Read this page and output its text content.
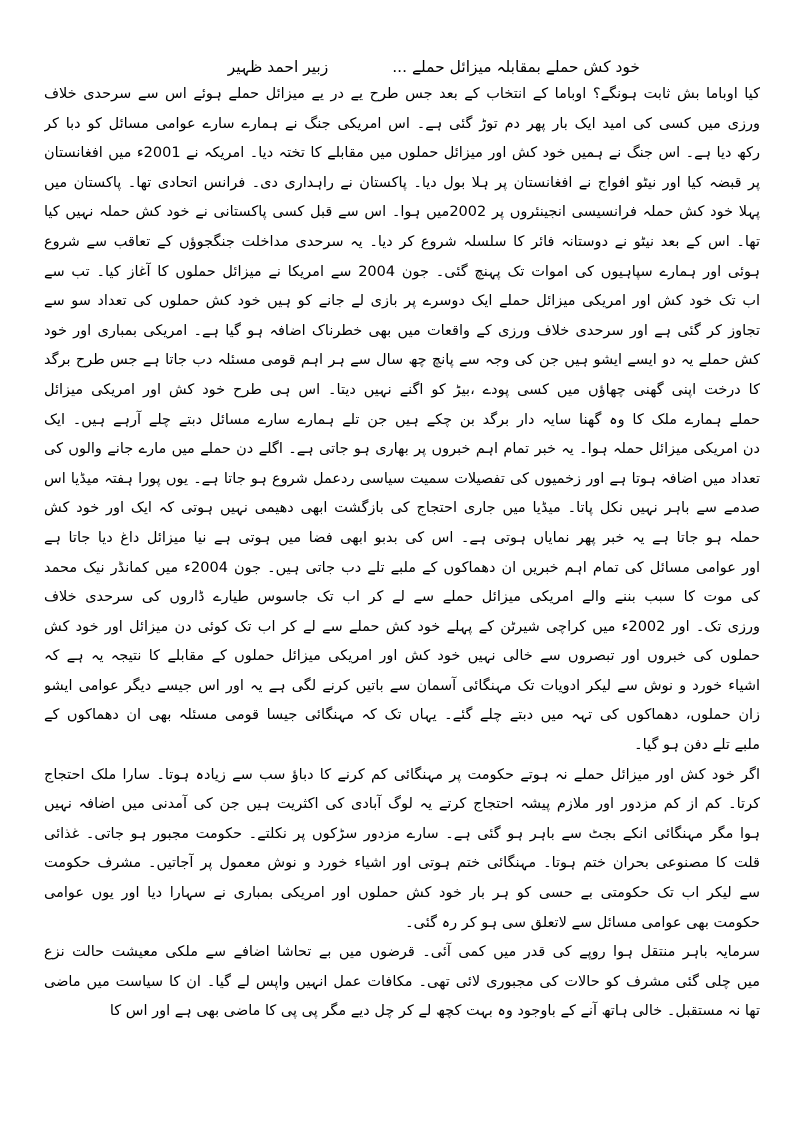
خود کش حملے بمقابلہ میزائل حملے ...
زبیر احمد ظہیر

کیا اوباما بش ثابت ہونگے؟ اوباما کے انتخاب کے بعد جس طرح یے در یے میزائل حملے ہوئے اس سے سرحدی خلاف
ورزی میں کسی کی امید ایک بار پھر دم توڑ گئی ہے۔ اس امریکی جنگ نے ہمارے سارے عوامی مسائل کو دبا کر
رکھ دیا ہے۔ اس جنگ نے ہمیں خود کش اور میزائل حملوں میں مقابلے کا تختہ دیا۔ امریکہ نے 2001ء میں افغانستان
پر قبضہ کیا اور نیٹو افواج نے افغانستان پر ہلا بول دیا۔ پاکستان نے راہداری دی۔ فرانس اتحادی تھا۔ پاکستان میں
پہلا خود کش حملہ فرانسیسی انجینئروں پر 2002میں ہوا۔ اس سے قبل کسی پاکستانی نے خود کش حملہ نہیں کیا
تھا۔ اس کے بعد نیٹو نے دوستانہ فائر کا سلسلہ شروع کر دیا۔ یہ سرحدی مداخلت جنگجوؤں کے تعاقب سے شروع
ہوئی اور ہمارے سپاہیوں کی اموات تک پہنچ گئی۔ جون 2004 سے امریکا نے میزائل حملوں کا آغاز کیا۔ تب سے
اب تک خود کش اور امریکی میزائل حملے ایک دوسرے پر بازی لے جانے کو ہیں خود کش حملوں کی تعداد سو سے
تجاوز کر گئی ہے اور سرحدی خلاف ورزی کے واقعات میں بھی خطرناک اضافہ ہو گیا ہے۔ امریکی بمباری اور خود
کش حملے یہ دو ایسے ایشو ہیں جن کی وجہ سے پانچ چھ سال سے ہر اہم قومی مسئلہ دب جاتا ہے جس طرح برگد
کا درخت اپنی گھنی چھاؤں میں کسی پودے ،بیڑ کو اگنے نہیں دیتا۔ اس ہی طرح خود کش اور امریکی میزائل
حملے ہمارے ملک کا وہ گھنا سایہ دار برگد بن چکے ہیں جن تلے ہمارے سارے مسائل دبتے چلے آرہے ہیں۔ ایک
دن امریکی میزائل حملہ ہوا۔ یہ خبر تمام اہم خبروں پر بھاری ہو جاتی ہے۔ اگلے دن حملے میں مارے جانے والوں کی
تعداد میں اضافہ ہوتا ہے اور زخمیوں کی تفصیلات سمیت سیاسی ردعمل شروع ہو جاتا ہے۔ یوں پورا ہفتہ میڈیا اس
صدمے سے باہر نہیں نکل پاتا۔ میڈیا میں جاری احتجاج کی بازگشت ابھی دھیمی نہیں ہوتی کہ ایک اور خود کش
حملہ ہو جاتا ہے یہ خبر پھر نمایاں ہوتی ہے۔ اس کی بدبو ابھی فضا میں ہوتی ہے نیا میزائل داغ دیا جاتا ہے
اور عوامی مسائل کی تمام اہم خبریں ان دھماکوں کے ملبے تلے دب جاتی ہیں۔ جون 2004ء میں کمانڈر نیک محمد
کی موت کا سبب بننے والے امریکی میزائل حملے سے لے کر اب تک جاسوس طیارے ڈاروں کی سرحدی خلاف
ورزی تک۔ اور 2002ء میں کراچی شیرٹن کے پہلے خود کش حملے سے لے کر اب تک کوئی دن میزائل اور خود کش
حملوں کی خبروں اور تبصروں سے خالی نہیں خود کش اور امریکی میزائل حملوں کے مقابلے کا نتیجہ یہ ہے کہ
اشیاء خورد و نوش سے لیکر ادویات تک مہنگائی آسمان سے باتیں کرنے لگی ہے یہ اور اس جیسے دیگر عوامی ایشو
زان حملوں، دھماکوں کی تہہ میں دبتے چلے گئے۔ یہاں تک کہ مہنگائی جیسا قومی مسئلہ بھی ان دھماکوں کے
ملبے تلے دفن ہو گیا۔

اگر خود کش اور میزائل حملے نہ ہوتے حکومت پر مہنگائی کم کرنے کا دباؤ سب سے زیادہ ہوتا۔ سارا ملک احتجاج
کرتا۔ کم از کم مزدور اور ملازم پیشہ احتجاج کرتے یہ لوگ آبادی کی اکثریت ہیں جن کی آمدنی میں اضافہ نہیں
ہوا مگر مہنگائی انکے بجٹ سے باہر ہو گئی ہے۔ سارے مزدور سڑکوں پر نکلتے۔ حکومت مجبور ہو جاتی۔ غذائی
قلت کا مصنوعی بحران ختم ہوتا۔ مہنگائی ختم ہوتی اور اشیاء خورد و نوش معمول پر آجاتیں۔ مشرف حکومت
سے لیکر اب تک حکومتی بے حسی کو ہر بار خود کش حملوں اور امریکی بمباری نے سہارا دیا اور یوں عوامی
حکومت بھی عوامی مسائل سے لاتعلق سی ہو کر رہ گئی۔

سرمایہ باہر منتقل ہوا روپے کی قدر میں کمی آئی۔ قرضوں میں بے تحاشا اضافے سے ملکی معیشت حالت نزع
میں چلی گئی مشرف کو حالات کی مجبوری لائی تھی۔ مکافات عمل انہیں واپس لے گیا۔ ان کا سیاست میں ماضی
تھا نہ مستقبل۔ خالی ہاتھ آنے کے باوجود وہ بہت کچھ لے کر چل دیے مگر پی پی کا ماضی بھی ہے اور اس کا
